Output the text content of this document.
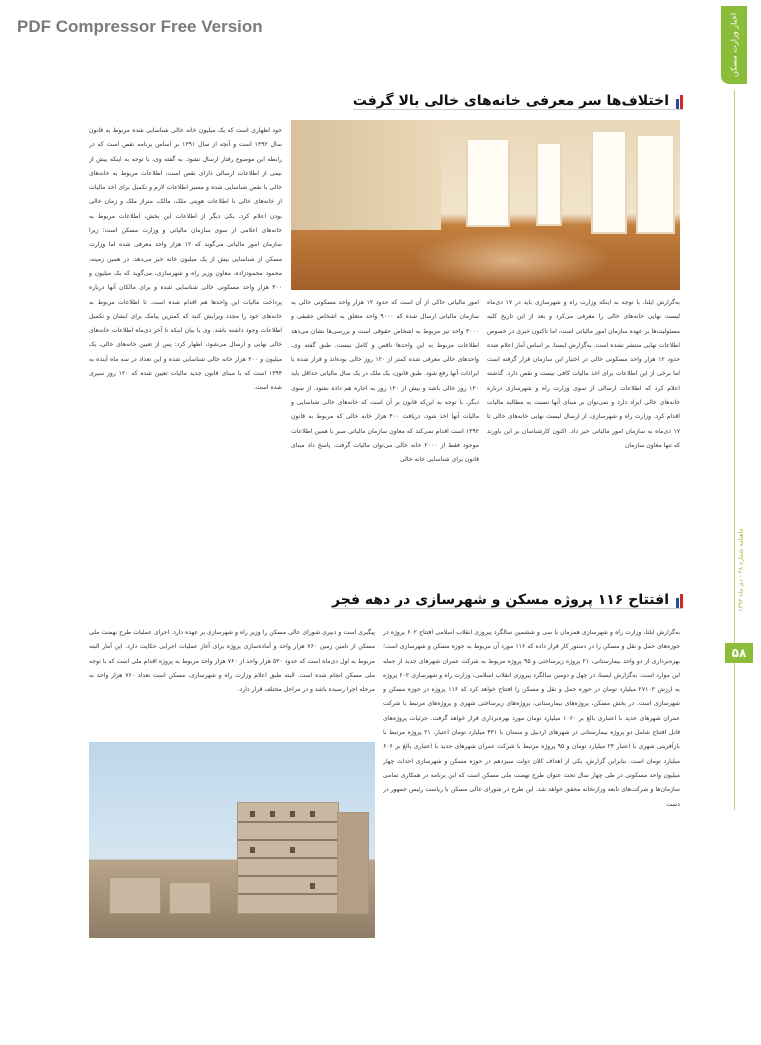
PDF Compressor Free Version	اخبار وزارت مسکن
ماهنامه شماره ۴۸ - دی ماه ۱۳۹۳
۵۸
اختلاف‌ها سر معرفی خانه‌های خالی بالا گرفت
به‌گزارش ایلنا، با توجه به اینکه وزارت راه و شهرسازی باید در ۱۷ دی‌ماه لیست نهایی خانه‌های خالی را معرفی می‌کرد و بعد از این تاریخ کلیه مسئولیت‌ها بر عهده سازمان امور مالیاتی است، اما تاکنون خبری در خصوص اطلاعات نهایی منتشر نشده است. به‌گزارش ایسنا، بر اساس آمار اعلام شده حدود ۱۲ هزار واحد مسکونی خالی در اختیار این سازمان قرار گرفته است اما برخی از این اطلاعات برای اخذ مالیات کافی نیست و نقص دارد. گذشته اعلام کرد که اطلاعات ارسالی از سوی وزارت راه و شهرسازی درباره خانه‌های خالی ایراد دارد و نمی‌توان بر مبنای آنها نسبت به مطالبه مالیات اقدام کرد. وزارت راه و شهرسازی، از ارسال لیست نهایی خانه‌های خالی تا ۱۷ دی‌ماه به سازمان امور مالیاتی خبر داد. اکنون کارشناسان بر این باورند که تنها معاون سازمان
امور مالیاتی حاکی از آن است که حدود ۱۲ هزار واحد مسکونی خالی به سازمان مالیاتی ارسال شده که ۹۰۰۰ واحد متعلق به اشخاص حقیقی و ۳۰۰۰ واحد نیز مربوط به اشخاص حقوقی است و بررسی‌ها نشان می‌دهد اطلاعات مربوط به این واحدها ناقص و کامل نیست. طبق گفته وی، واحدهای خالی معرفی شده کمتر از ۱۲۰ روز خالی بوده‌اند و قرار شده با ایرادات آنها رفع شود. طبق قانون، یک ملک در یک سال مالیاتی حداقل باید ۱۲۰ روز خالی باشد و بیش از ۱۲۰ روز به اجاره هم داده نشود. از سوی دیگر، با توجه به این‌که قانون بر آن است که خانه‌های خالی شناسایی و مالیات آنها اخذ شود، دریافت ۴۰۰ هزار خانه خالی که مربوط به قانون ۱۳۹۲ است اقدام نمی‌کند که معاون سازمان مالیاتی صبر یا همین اطلاعات موجود فقط از ۲۰۰۰ خانه خالی می‌توان مالیات گرفت. پاسخ داد مبنای قانون برای شناسایی خانه خالی
خود اظهاری است که یک میلیون خانه خالی شناسایی شده مربوط به قانون سال ۱۳۹۲ است و آنچه از سال ۱۳۹۱ بر اساس برنامه نقص است که در رابطه این موضوع رفتار ارسال نشود. به گفته وی، با توجه به اینکه بیش از نیمی از اطلاعات ارسالی دارای نقص است، اطلاعات مربوط به خانه‌های خالی با نقص شناسایی شده و مسیر اطلاعات لازم و تکمیل برای اخذ مالیات از خانه‌های خالی با اطلاعات هویتی ملک، مالک، متراژ ملک و زمان خالی بودن اعلام کرد. یکی دیگر از اطلاعات این بخش، اطلاعات مربوط به خانه‌های اعلامی از سوی سازمان مالیاتی و وزارت مسکن است؛ زیرا سازمان امور مالیاتی می‌گوید که ۱۲ هزار واحد معرفی شده اما وزارت مسکن از شناسایی بیش از یک میلیون خانه خبر می‌دهد. در همین زمینه، محمود محمودزاده، معاون وزیر راه و شهرسازی، می‌گوید که یک میلیون و ۳۰۰ هزار واحد مسکونی خالی شناسایی شده و برای مالکان آنها درباره پرداخت مالیات این واحدها هم اقدام شده است. تا اطلاعات مربوط به خانه‌های خود را مجدد ویرایش کنند که کمترین پیامک برای ایشان و تکمیل اطلاعات وجود داشته باشد. وی با بیان اینکه تا آخر دی‌ماه اطلاعات خانه‌های خالی نهایی و ارسال می‌شود، اظهار کرد: پس از تعیین خانه‌های خالی، یک میلیون و ۲۰۰ هزار خانه خالی شناسایی شده و این تعداد در سه ماه آینده به ۱۳۹۴ است که با مبنای قانون جدید مالیات تعیین شده که ۱۲۰ روز سپری شده است.
افتتاح ۱۱۶ پروژه مسکن و شهرسازی در دهه فجر
به‌گزارش ایلنا، وزارت راه و شهرسازی همزمان با سی و ششمین سالگرد پیروزی انقلاب اسلامی افتتاح ۶۰۲ پروژه در حوزه‌های حمل و نقل و مسکن را در دستور کار قرار داده که ۱۱۶ مورد آن مربوط به حوزه مسکن و شهرسازی است؛ بهره‌برداری از دو واحد بیمارستانی، ۲۱ پروژه زیرساختی و ۹۵ پروژه مربوط به شرکت عمران شهرهای جدید از جمله این موارد است. به‌گزارش ایسنا، در چهل و دومین سالگرد پیروزی انقلاب اسلامی، وزارت راه و شهرسازی ۶۰۲ پروژه به ارزش ۲۷۱۰۳ میلیارد تومان در حوزه حمل و نقل و مسکن را افتتاح خواهد کرد که ۱۱۶ پروژه در حوزه مسکن و شهرسازی است. در بخش مسکن، پروژه‌های بیمارستانی، پروژه‌های زیرساختی شهری و پروژه‌های مرتبط با شرکت عمران شهرهای جدید با اعتباری بالغ بر ۱۰۶۰ میلیارد تومان مورد بهره‌برداری قرار خواهد گرفت. جزئیات پروژه‌های قابل افتتاح شامل دو پروژه بیمارستانی در شهرهای اردبیل و سمنان با ۴۳۱ میلیارد تومان اعتبار، ۲۱ پروژه مرتبط با بازآفرینی شهری با اعتبار ۲۴ میلیارد تومان و ۹۵ پروژه مرتبط با شرکت عمران شهرهای جدید با اعتباری بالغ بر ۶۰۶ میلیارد تومان است. بنابراین گزارش، یکی از اهداف کلان دولت سیزدهم در حوزه مسکن و شهرسازی احداث چهار میلیون واحد مسکونی در طی چهار سال تحت عنوان طرح نهضت ملی مسکن است که این برنامه در همکاری تمامی سازمان‌ها و شرکت‌های تابعه وزارتخانه محقق خواهد شد. این طرح در شورای عالی مسکن با ریاست رئیس جمهور در دست
پیگیری است و دبیری شورای عالی مسکن را وزیر راه و شهرسازی بر عهده دارد. اجرای عملیات طرح نهضت ملی مسکن از تامین زمین ۷۶۰ هزار واحد و آماده‌سازی پروژه برای آغاز عملیات اجرایی حکایت دارد. این آمار البته مربوط به اول دی‌ماه است که حدود ۵۳۰ هزار واحد از ۷۶۰ هزار واحد مربوط به پروژه اقدام ملی است که با توجه ملی مسکن انجام شده است. البته طبق اعلام وزارت راه و شهرسازی، مسکن است تعداد ۷۶۰ هزار واحد به مرحله اجرا رسیده باشد و در مراحل مختلف قرار دارد.
